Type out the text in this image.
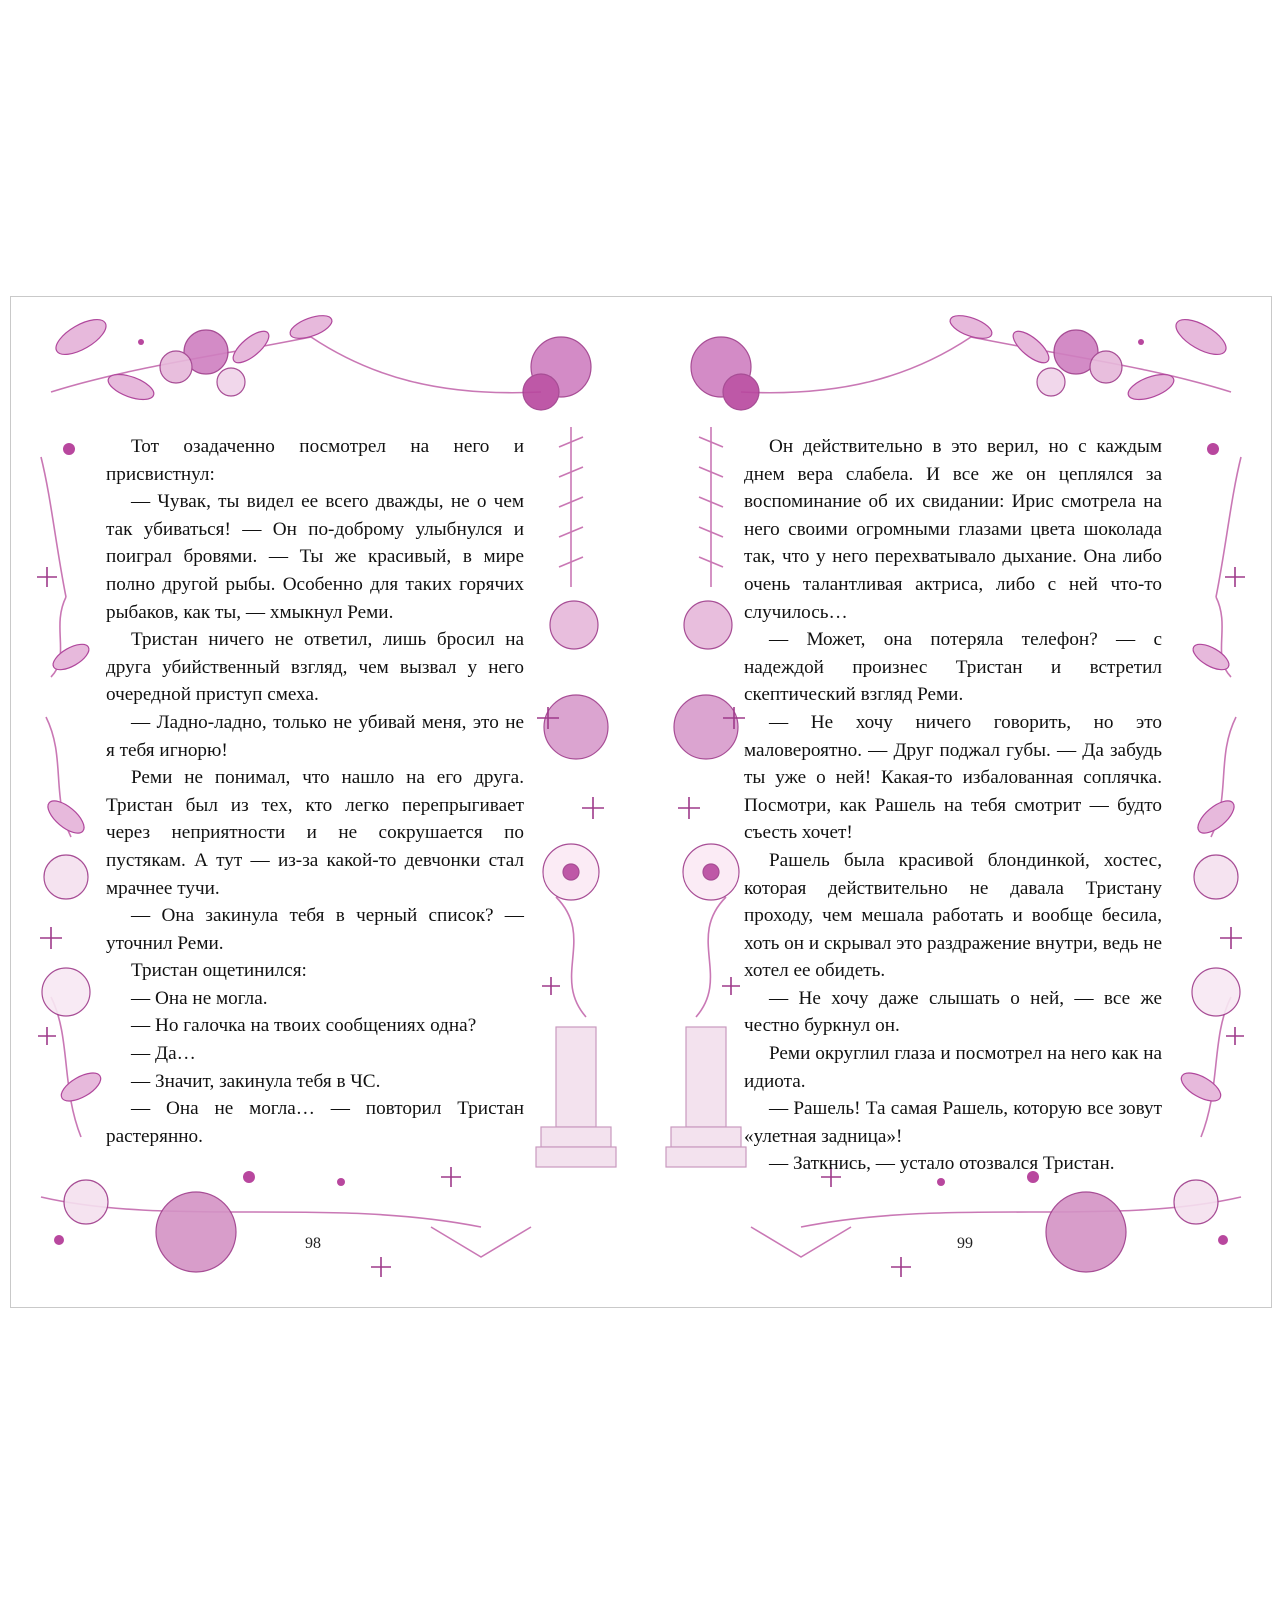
Тот озадаченно посмотрел на него и присвистнул:

— Чувак, ты видел ее всего дважды, не о чем так убиваться! — Он по-доброму улыбнулся и поиграл бровями. — Ты же красивый, в мире полно другой рыбы. Особенно для таких горячих рыбаков, как ты, — хмыкнул Реми.

Тристан ничего не ответил, лишь бросил на друга убийственный взгляд, чем вызвал у него очередной приступ смеха.

— Ладно-ладно, только не убивай меня, это не я тебя игнорю!

Реми не понимал, что нашло на его друга. Тристан был из тех, кто легко перепрыгивает через неприятности и не сокрушается по пустякам. А тут — из-за какой-то девчонки стал мрачнее тучи.

— Она закинула тебя в черный список? — уточнил Реми.

Тристан ощетинился:

— Она не могла.

— Но галочка на твоих сообщениях одна?

— Да…

— Значит, закинула тебя в ЧС.

— Она не могла… — повторил Тристан растерянно.

98

Он действительно в это верил, но с каждым днем вера слабела. И все же он цеплялся за воспоминание об их свидании: Ирис смотрела на него своими огромными глазами цвета шоколада так, что у него перехватывало дыхание. Она либо очень талантливая актриса, либо с ней что-то случилось…

— Может, она потеряла телефон? — с надеждой произнес Тристан и встретил скептический взгляд Реми.

— Не хочу ничего говорить, но это маловероятно. — Друг поджал губы. — Да забудь ты уже о ней! Какая-то избалованная соплячка. Посмотри, как Рашель на тебя смотрит — будто съесть хочет!

Рашель была красивой блондинкой, хостес, которая действительно не давала Тристану проходу, чем мешала работать и вообще бесила, хоть он и скрывал это раздражение внутри, ведь не хотел ее обидеть.

— Не хочу даже слышать о ней, — все же честно буркнул он.

Реми округлил глаза и посмотрел на него как на идиота.

— Рашель! Та самая Рашель, которую все зовут «улетная задница»!

— Заткнись, — устало отозвался Тристан.

99
